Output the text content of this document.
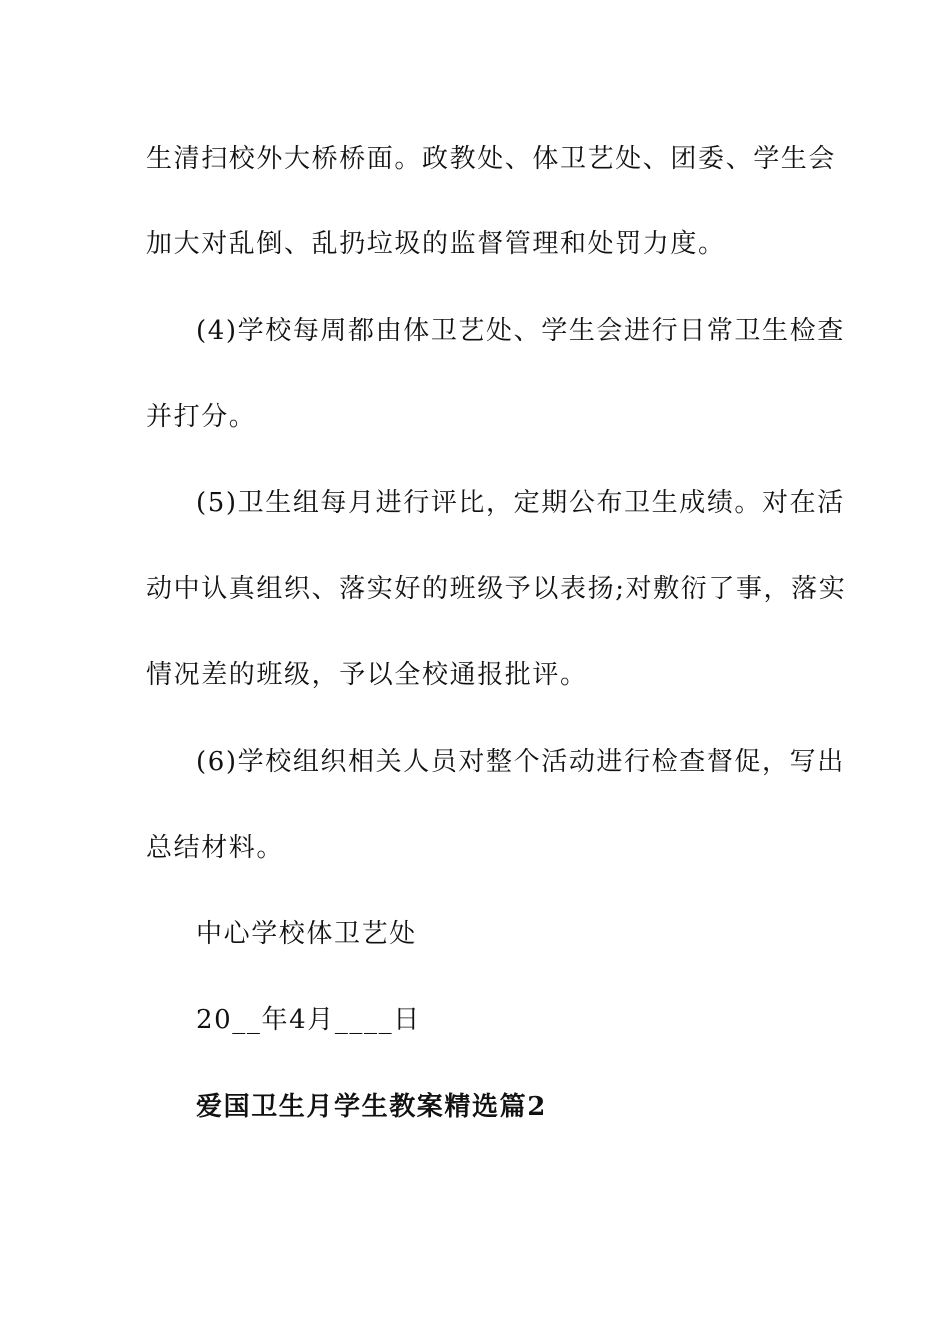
生清扫校外大桥桥面。政教处、体卫艺处、团委、学生会
加大对乱倒、乱扔垃圾的监督管理和处罚力度。
(4)学校每周都由体卫艺处、学生会进行日常卫生检查
并打分。
(5)卫生组每月进行评比，定期公布卫生成绩。对在活
动中认真组织、落实好的班级予以表扬;对敷衍了事，落实
情况差的班级，予以全校通报批评。
(6)学校组织相关人员对整个活动进行检查督促，写出
总结材料。
中心学校体卫艺处
20__年4月____日
爱国卫生月学生教案精选篇2
